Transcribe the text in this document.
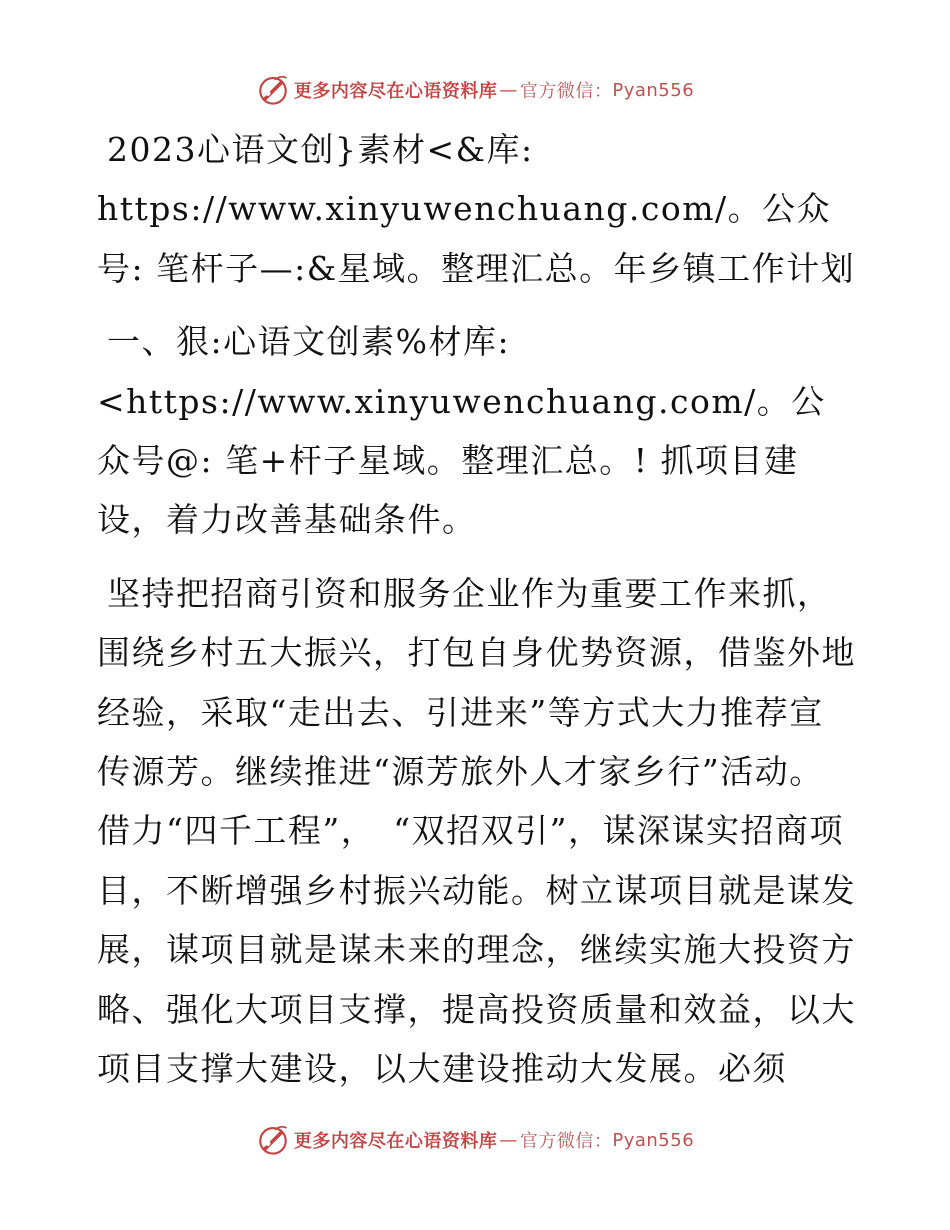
更多内容尽在心语资料库 — 官方微信 ： Pyan556

2023心语文创}素材<&库: https://www.xinyuwenchuang.com/。公众号: 笔杆子—:&星域。整理汇总。年乡镇工作计划

一、狠:心语文创素%材库: <https://www.xinyuwenchuang.com/。公众号@: 笔+杆子星域。整理汇总。! 抓项目建设，着力改善基础条件。

坚持把招商引资和服务企业作为重要工作来抓，围绕乡村五大振兴，打包自身优势资源，借鉴外地经验，采取“走出去、引进来”等方式大力推荐宣传源芳。继续推进“源芳旅外人才家乡行”活动。借力“四千工程”，　“双招双引”，谋深谋实招商项目，不断增强乡村振兴动能。树立谋项目就是谋发展，谋项目就是谋未来的理念，继续实施大投资方略、强化大项目支撑，提高投资质量和效益，以大项目支撑大建设，以大建设推动大发展。必须

更多内容尽在心语资料库 — 官方微信 ： Pyan556
